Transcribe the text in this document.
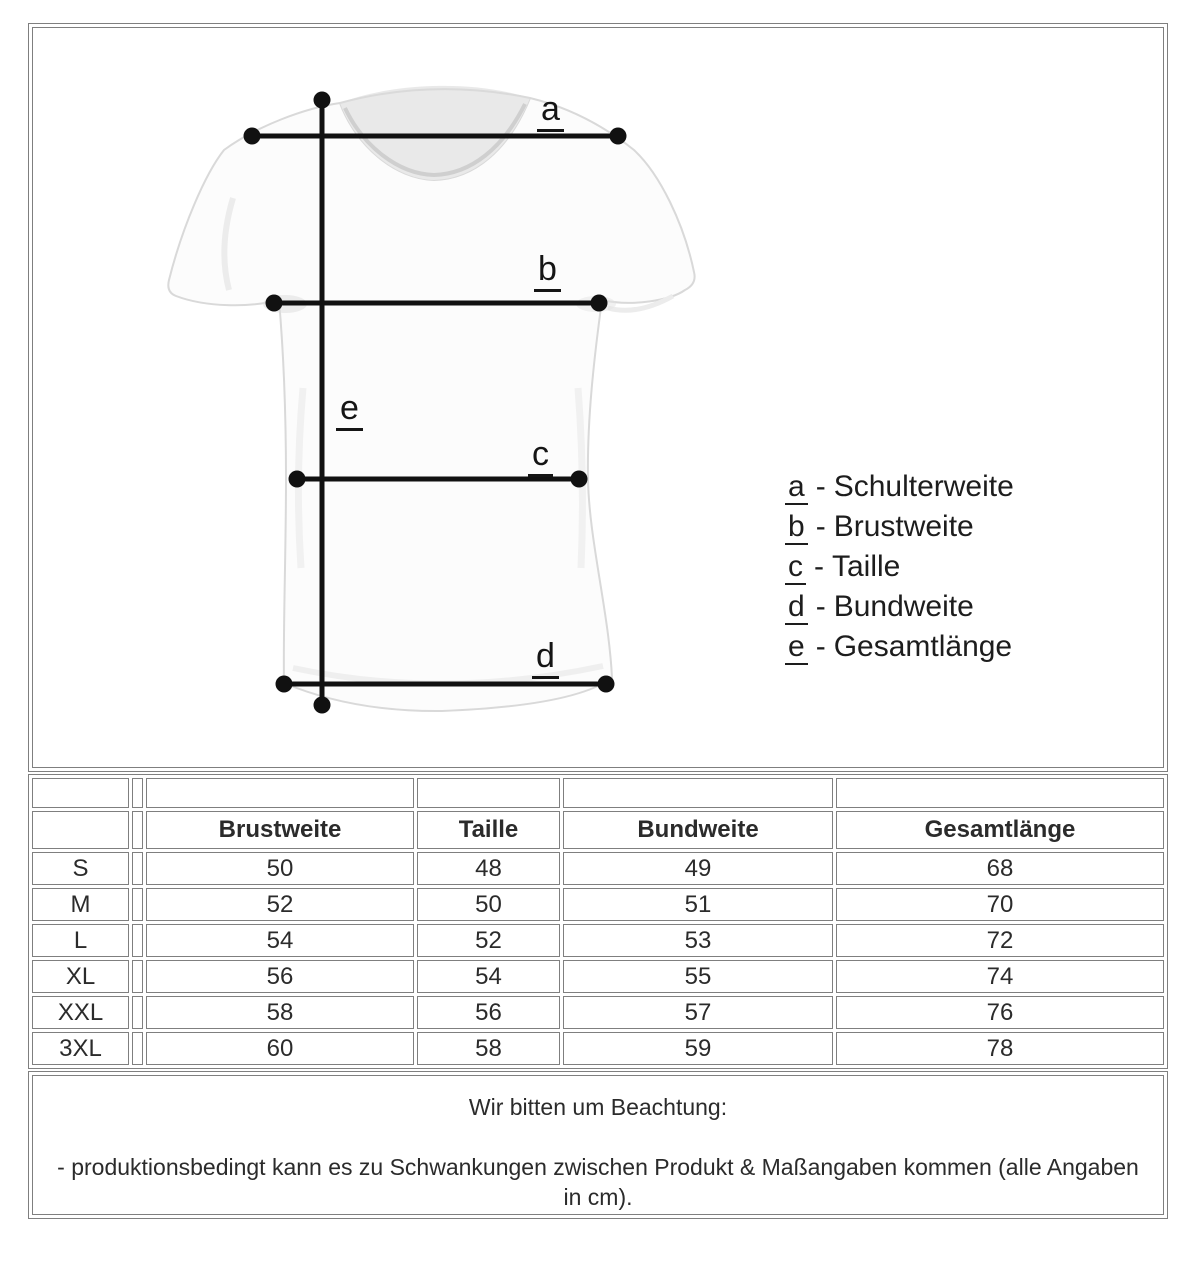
a
b
c
d
e
a - Schulterweite
b - Brustweite
c - Taille
d - Bundweite
e - Gesamtlänge

		Brustweite	Taille	Bundweite	Gesamtlänge
S		50	48	49	68
M		52	50	51	70
L		54	52	53	72
XL		56	54	55	74
XXL		58	56	57	76
3XL		60	58	59	78
Wir bitten um Beachtung:
- produktionsbedingt kann es zu Schwankungen zwischen Produkt & Maßangaben kommen (alle Angaben in cm).
